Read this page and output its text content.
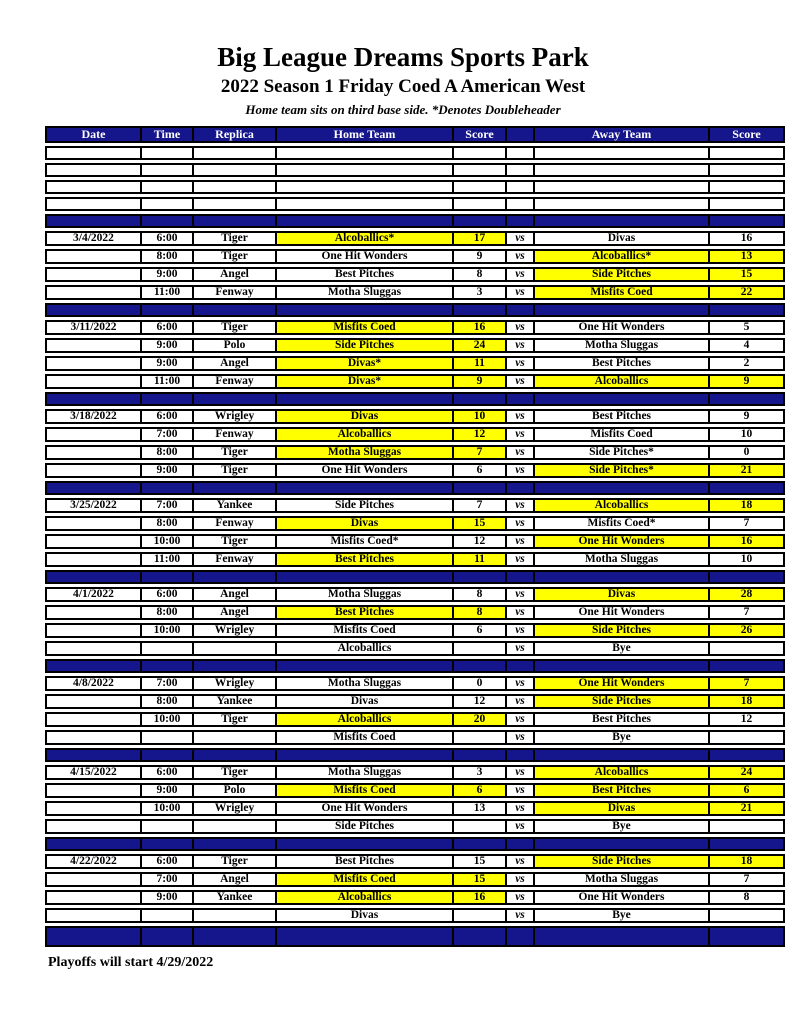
Big League Dreams Sports Park
2022 Season 1 Friday Coed A American West
Home team sits on third base side. *Denotes Doubleheader
Date	Time	Replica	Home Team	Score		Away Team	Score

3/4/2022	6:00	Tiger	Alcoballics*	17	vs	Divas	16
	8:00	Tiger	One Hit Wonders	9	vs	Alcoballics*	13
	9:00	Angel	Best Pitches	8	vs	Side Pitches	15
	11:00	Fenway	Motha Sluggas	3	vs	Misfits Coed	22

3/11/2022	6:00	Tiger	Misfits Coed	16	vs	One Hit Wonders	5
	9:00	Polo	Side Pitches	24	vs	Motha Sluggas	4
	9:00	Angel	Divas*	11	vs	Best Pitches	2
	11:00	Fenway	Divas*	9	vs	Alcoballics	9

3/18/2022	6:00	Wrigley	Divas	10	vs	Best Pitches	9
	7:00	Fenway	Alcoballics	12	vs	Misfits Coed	10
	8:00	Tiger	Motha Sluggas	7	vs	Side Pitches*	0
	9:00	Tiger	One Hit Wonders	6	vs	Side Pitches*	21

3/25/2022	7:00	Yankee	Side Pitches	7	vs	Alcoballics	18
	8:00	Fenway	Divas	15	vs	Misfits Coed*	7
	10:00	Tiger	Misfits Coed*	12	vs	One Hit Wonders	16
	11:00	Fenway	Best Pitches	11	vs	Motha Sluggas	10

4/1/2022	6:00	Angel	Motha Sluggas	8	vs	Divas	28
	8:00	Angel	Best Pitches	8	vs	One Hit Wonders	7
	10:00	Wrigley	Misfits Coed	6	vs	Side Pitches	26
			Alcoballics		vs	Bye	

4/8/2022	7:00	Wrigley	Motha Sluggas	0	vs	One Hit Wonders	7
	8:00	Yankee	Divas	12	vs	Side Pitches	18
	10:00	Tiger	Alcoballics	20	vs	Best Pitches	12
			Misfits Coed		vs	Bye	

4/15/2022	6:00	Tiger	Motha Sluggas	3	vs	Alcoballics	24
	9:00	Polo	Misfits Coed	6	vs	Best Pitches	6
	10:00	Wrigley	One Hit Wonders	13	vs	Divas	21
			Side Pitches		vs	Bye	

4/22/2022	6:00	Tiger	Best Pitches	15	vs	Side Pitches	18
	7:00	Angel	Misfits Coed	15	vs	Motha Sluggas	7
	9:00	Yankee	Alcoballics	16	vs	One Hit Wonders	8
			Divas		vs	Bye	

Playoffs will start 4/29/2022
